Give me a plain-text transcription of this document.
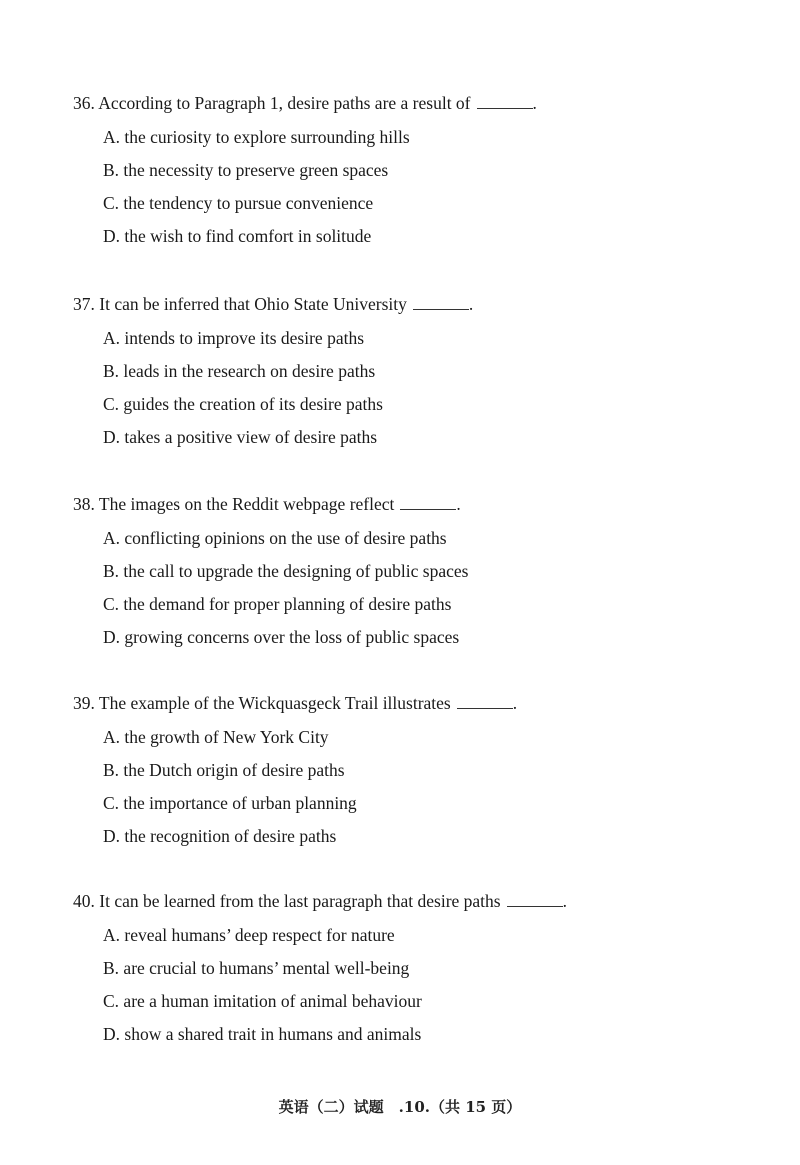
36. According to Paragraph 1, desire paths are a result of	.
A. the curiosity to explore surrounding hills
B. the necessity to preserve green spaces
C. the tendency to pursue convenience
D. the wish to find comfort in solitude
37. It can be inferred that Ohio State University	.
A. intends to improve its desire paths
B. leads in the research on desire paths
C. guides the creation of its desire paths
D. takes a positive view of desire paths
38. The images on the Reddit webpage reflect	.
A. conflicting opinions on the use of desire paths
B. the call to upgrade the designing of public spaces
C. the demand for proper planning of desire paths
D. growing concerns over the loss of public spaces
39. The example of the Wickquasgeck Trail illustrates	.
A. the growth of New York City
B. the Dutch origin of desire paths
C. the importance of urban planning
D. the recognition of desire paths
40. It can be learned from the last paragraph that desire paths	.
A. reveal humans’ deep respect for nature
B. are crucial to humans’ mental well-being
C. are a human imitation of animal behaviour
D. show a shared trait in humans and animals
英语（二）试题　.10.（共 15 页）
